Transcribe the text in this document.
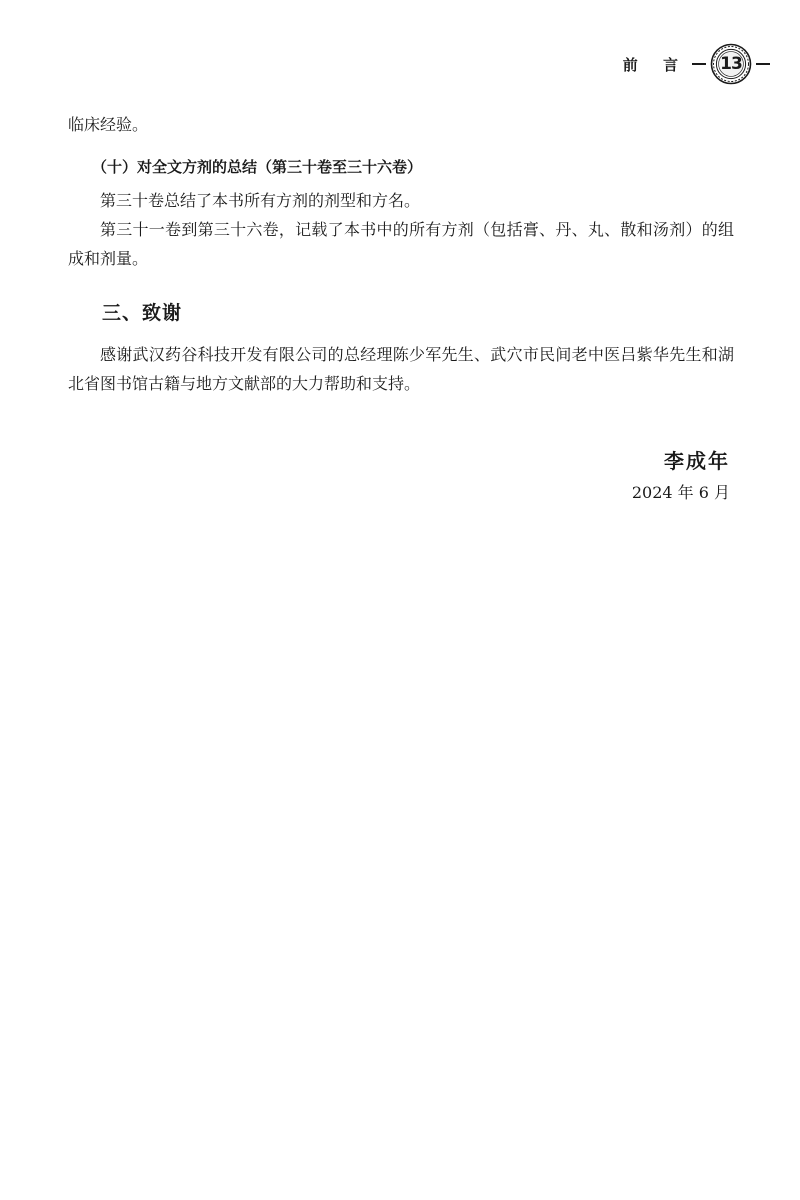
前 言	13

临床经验。

（十）对全文方剂的总结（第三十卷至三十六卷）

第三十卷总结了本书所有方剂的剂型和方名。

第三十一卷到第三十六卷，记载了本书中的所有方剂（包括膏、丹、丸、散和汤剂）的组成和剂量。

三、致谢

感谢武汉药谷科技开发有限公司的总经理陈少军先生、武穴市民间老中医吕紫华先生和湖北省图书馆古籍与地方文献部的大力帮助和支持。

李成年
2024 年 6 月
